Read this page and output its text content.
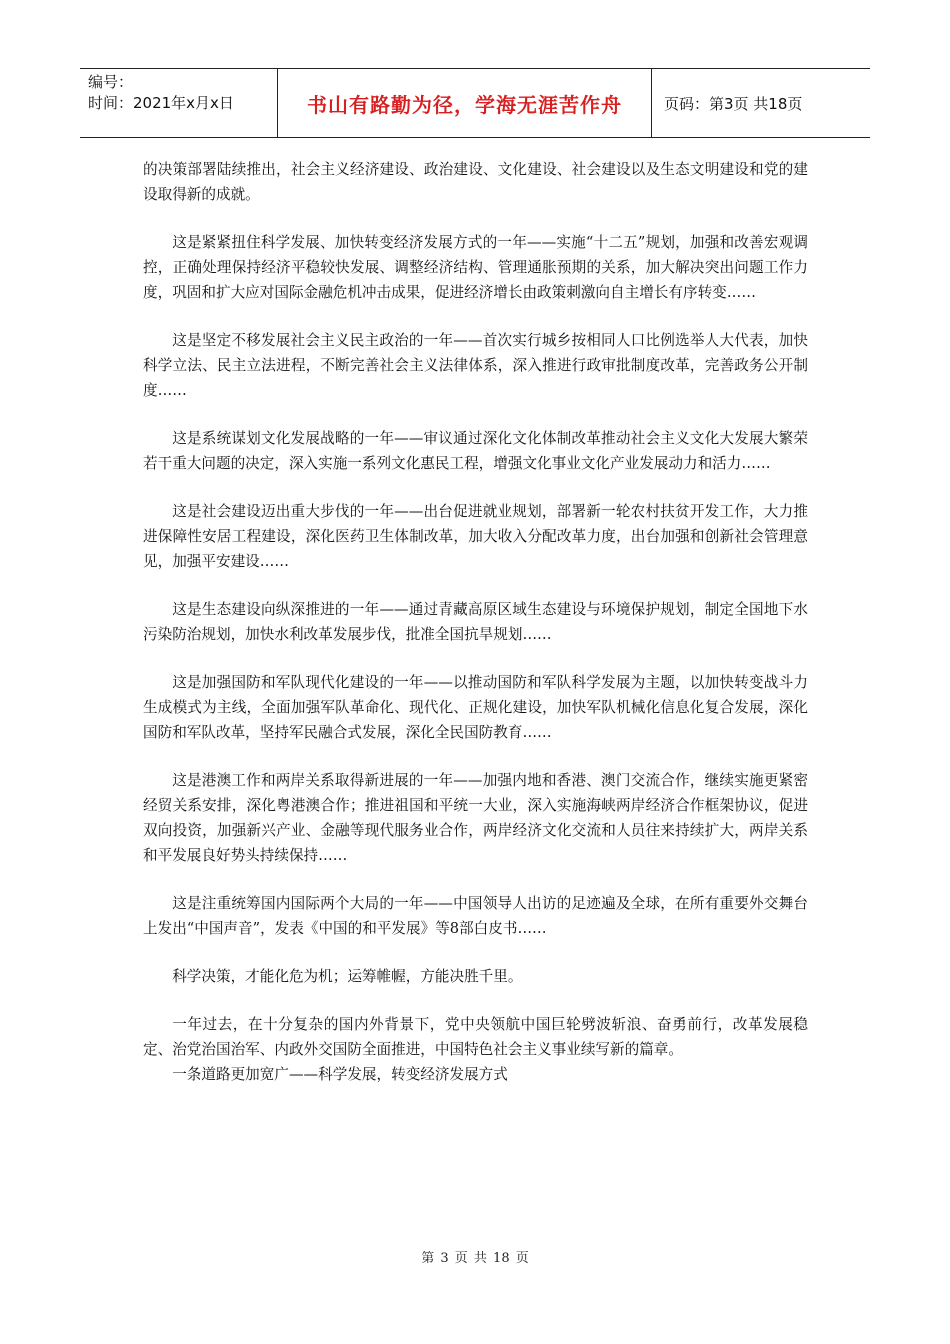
编号：
时间：2021年x月x日	书山有路勤为径，学海无涯苦作舟	页码：第3页 共18页

的决策部署陆续推出，社会主义经济建设、政治建设、文化建设、社会建设以及生态文明建设和党的建设取得新的成就。

这是紧紧扭住科学发展、加快转变经济发展方式的一年——实施“十二五”规划，加强和改善宏观调控，正确处理保持经济平稳较快发展、调整经济结构、管理通胀预期的关系，加大解决突出问题工作力度，巩固和扩大应对国际金融危机冲击成果，促进经济增长由政策刺激向自主增长有序转变……

这是坚定不移发展社会主义民主政治的一年——首次实行城乡按相同人口比例选举人大代表，加快科学立法、民主立法进程，不断完善社会主义法律体系，深入推进行政审批制度改革，完善政务公开制度……

这是系统谋划文化发展战略的一年——审议通过深化文化体制改革推动社会主义文化大发展大繁荣若干重大问题的决定，深入实施一系列文化惠民工程，增强文化事业文化产业发展动力和活力……

这是社会建设迈出重大步伐的一年——出台促进就业规划，部署新一轮农村扶贫开发工作，大力推进保障性安居工程建设，深化医药卫生体制改革，加大收入分配改革力度，出台加强和创新社会管理意见，加强平安建设……

这是生态建设向纵深推进的一年——通过青藏高原区域生态建设与环境保护规划，制定全国地下水污染防治规划，加快水利改革发展步伐，批准全国抗旱规划……

这是加强国防和军队现代化建设的一年——以推动国防和军队科学发展为主题，以加快转变战斗力生成模式为主线，全面加强军队革命化、现代化、正规化建设，加快军队机械化信息化复合发展，深化国防和军队改革，坚持军民融合式发展，深化全民国防教育……

这是港澳工作和两岸关系取得新进展的一年——加强内地和香港、澳门交流合作，继续实施更紧密经贸关系安排，深化粤港澳合作；推进祖国和平统一大业，深入实施海峡两岸经济合作框架协议，促进双向投资，加强新兴产业、金融等现代服务业合作，两岸经济文化交流和人员往来持续扩大，两岸关系和平发展良好势头持续保持……

这是注重统筹国内国际两个大局的一年——中国领导人出访的足迹遍及全球，在所有重要外交舞台上发出“中国声音”，发表《中国的和平发展》等8部白皮书……

科学决策，才能化危为机；运筹帷幄，方能决胜千里。

一年过去，在十分复杂的国内外背景下，党中央领航中国巨轮劈波斩浪、奋勇前行，改革发展稳定、治党治国治军、内政外交国防全面推进，中国特色社会主义事业续写新的篇章。

一条道路更加宽广——科学发展，转变经济发展方式

第 3 页 共 18 页
